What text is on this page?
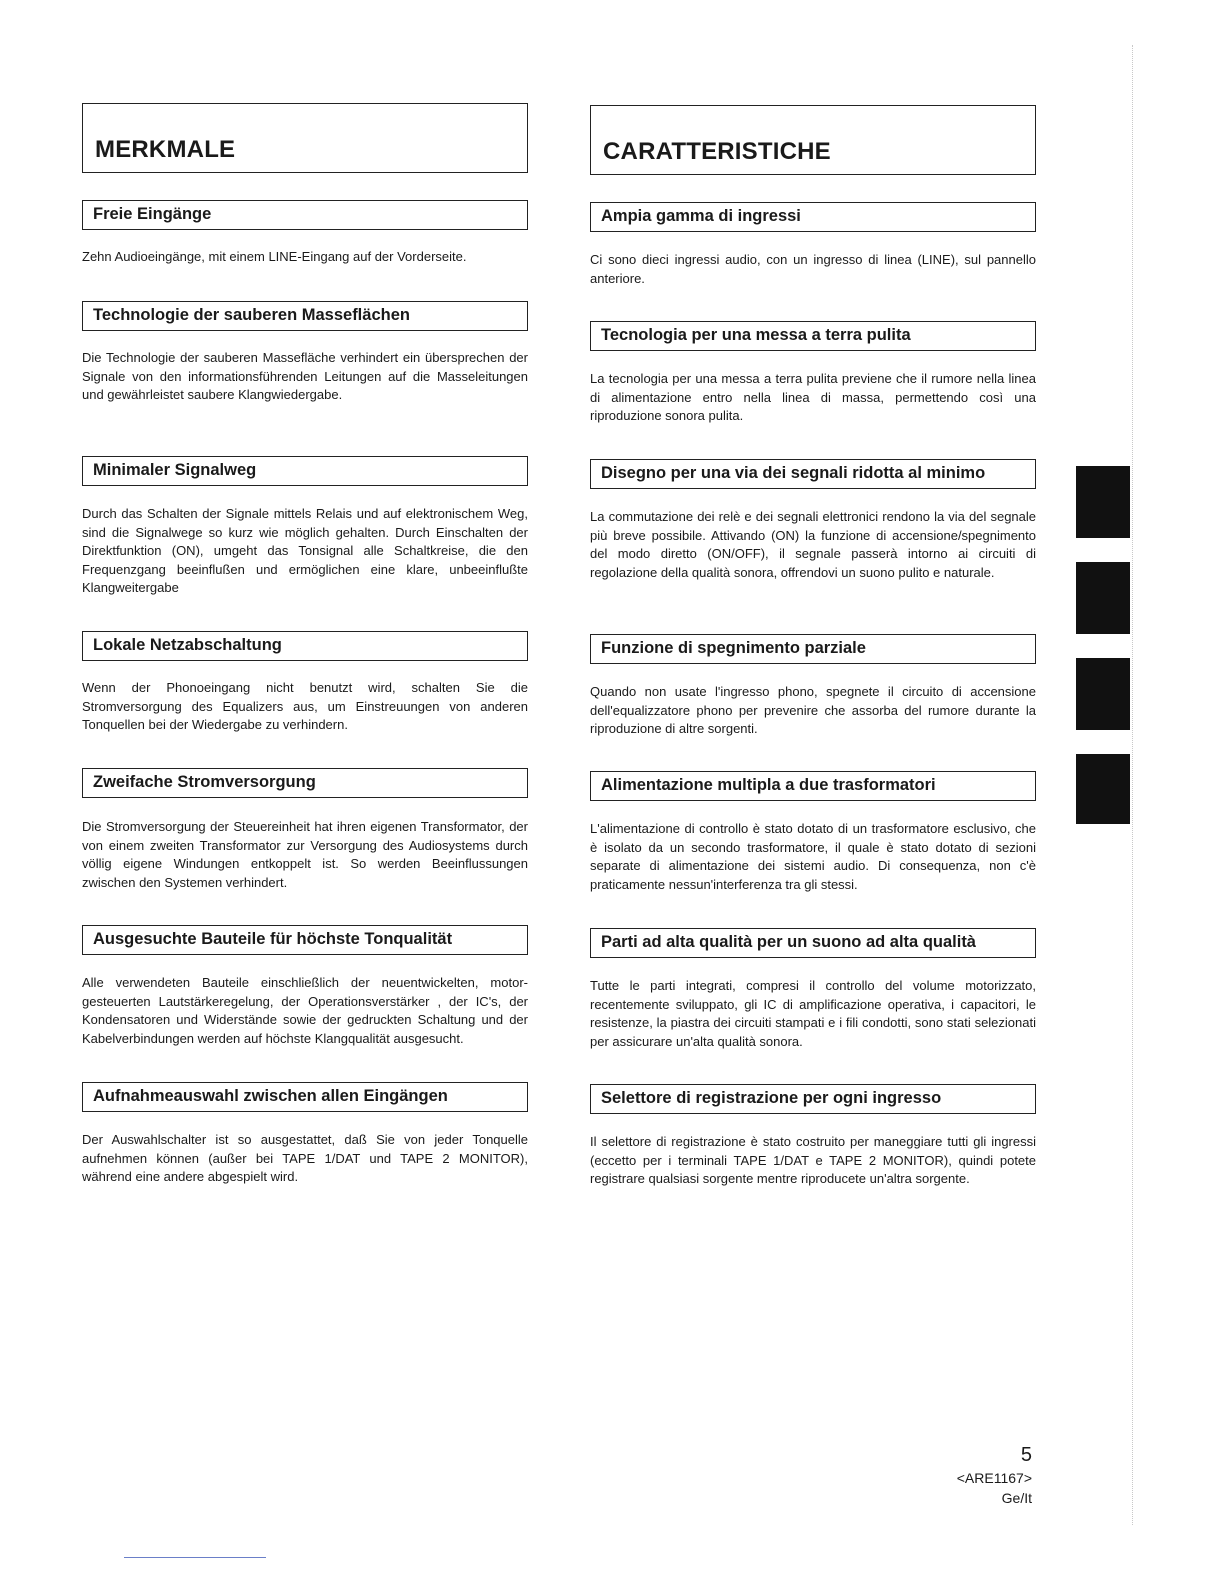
MERKMALE
Freie Eingänge

Zehn Audioeingänge, mit einem LINE-Eingang auf der Vorderseite.

Technologie der sauberen Masseflächen

Die Technologie der sauberen Massefläche verhindert ein übersprechen der Signale von den informationsführenden Leitungen auf die Masseleitungen und gewährleistet saubere Klangwiedergabe.

Minimaler Signalweg

Durch das Schalten der Signale mittels Relais und auf elektronischem Weg, sind die Signalwege so kurz wie möglich gehalten. Durch Einschalten der Direktfunktion (ON), umgeht das Tonsignal alle Schaltkreise, die den Frequenzgang beeinflußen und ermöglichen eine klare, unbeeinflußte Klangweitergabe

Lokale Netzabschaltung

Wenn der Phonoeingang nicht benutzt wird, schalten Sie die Stromversorgung des Equalizers aus, um Einstreuungen von anderen Tonquellen bei der Wiedergabe zu verhindern.

Zweifache Stromversorgung

Die Stromversorgung der Steuereinheit hat ihren eigenen Transformator, der von einem zweiten Transformator zur Versorgung des Audiosystems durch völlig eigene Windungen entkoppelt ist. So werden Beeinflussungen zwischen den Systemen verhindert.

Ausgesuchte Bauteile für höchste Tonqualität

Alle verwendeten Bauteile einschließlich der neuentwickelten, motor-gesteuerten Lautstärkeregelung, der Operationsverstärker , der IC's, der Kondensatoren und Widerstände sowie der gedruckten Schaltung und der Kabelverbindungen werden auf höchste Klangqualität ausgesucht.

Aufnahmeauswahl zwischen allen Eingängen

Der Auswahlschalter ist so ausgestattet, daß Sie von jeder Tonquelle aufnehmen können (außer bei TAPE 1/DAT und TAPE 2 MONITOR), während eine andere abgespielt wird.

CARATTERISTICHE
Ampia gamma di ingressi

Ci sono dieci ingressi audio, con un ingresso di linea (LINE), sul pannello anteriore.

Tecnologia per una messa a terra pulita

La tecnologia per una messa a terra pulita previene che il rumore nella linea di alimentazione entro nella linea di massa, permettendo così una riproduzione sonora pulita.

Disegno per una via dei segnali ridotta al minimo

La commutazione dei relè e dei segnali elettronici rendono la via del segnale più breve possibile. Attivando (ON) la funzione di accensione/spegnimento del modo diretto (ON/OFF), il segnale passerà intorno ai circuiti di regolazione della qualità sonora, offrendovi un suono pulito e naturale.

Funzione di spegnimento parziale

Quando non usate l'ingresso phono, spegnete il circuito di accensione dell'equalizzatore phono per prevenire che assorba del rumore durante la riproduzione di altre sorgenti.

Alimentazione multipla a due trasformatori

L'alimentazione di controllo è stato dotato di un trasformatore esclusivo, che è isolato da un secondo trasformatore, il quale è stato dotato di sezioni separate di alimentazione dei sistemi audio. Di consequenza, non c'è praticamente nessun'interferenza tra gli stessi.

Parti ad alta qualità per un suono ad alta qualità

Tutte le parti integrati, compresi il controllo del volume motorizzato, recentemente sviluppato, gli IC di amplificazione operativa, i capacitori, le resistenze, la piastra dei circuiti stampati e i fili condotti, sono stati selezionati per assicurare un'alta qualità sonora.

Selettore di registrazione per ogni ingresso

Il selettore di registrazione è stato costruito per maneggiare tutti gli ingressi (eccetto per i terminali TAPE 1/DAT e TAPE 2 MONITOR), quindi potete registrare qualsiasi sorgente mentre riproducete un'altra sorgente.

5
<ARE1167>
Ge/It
